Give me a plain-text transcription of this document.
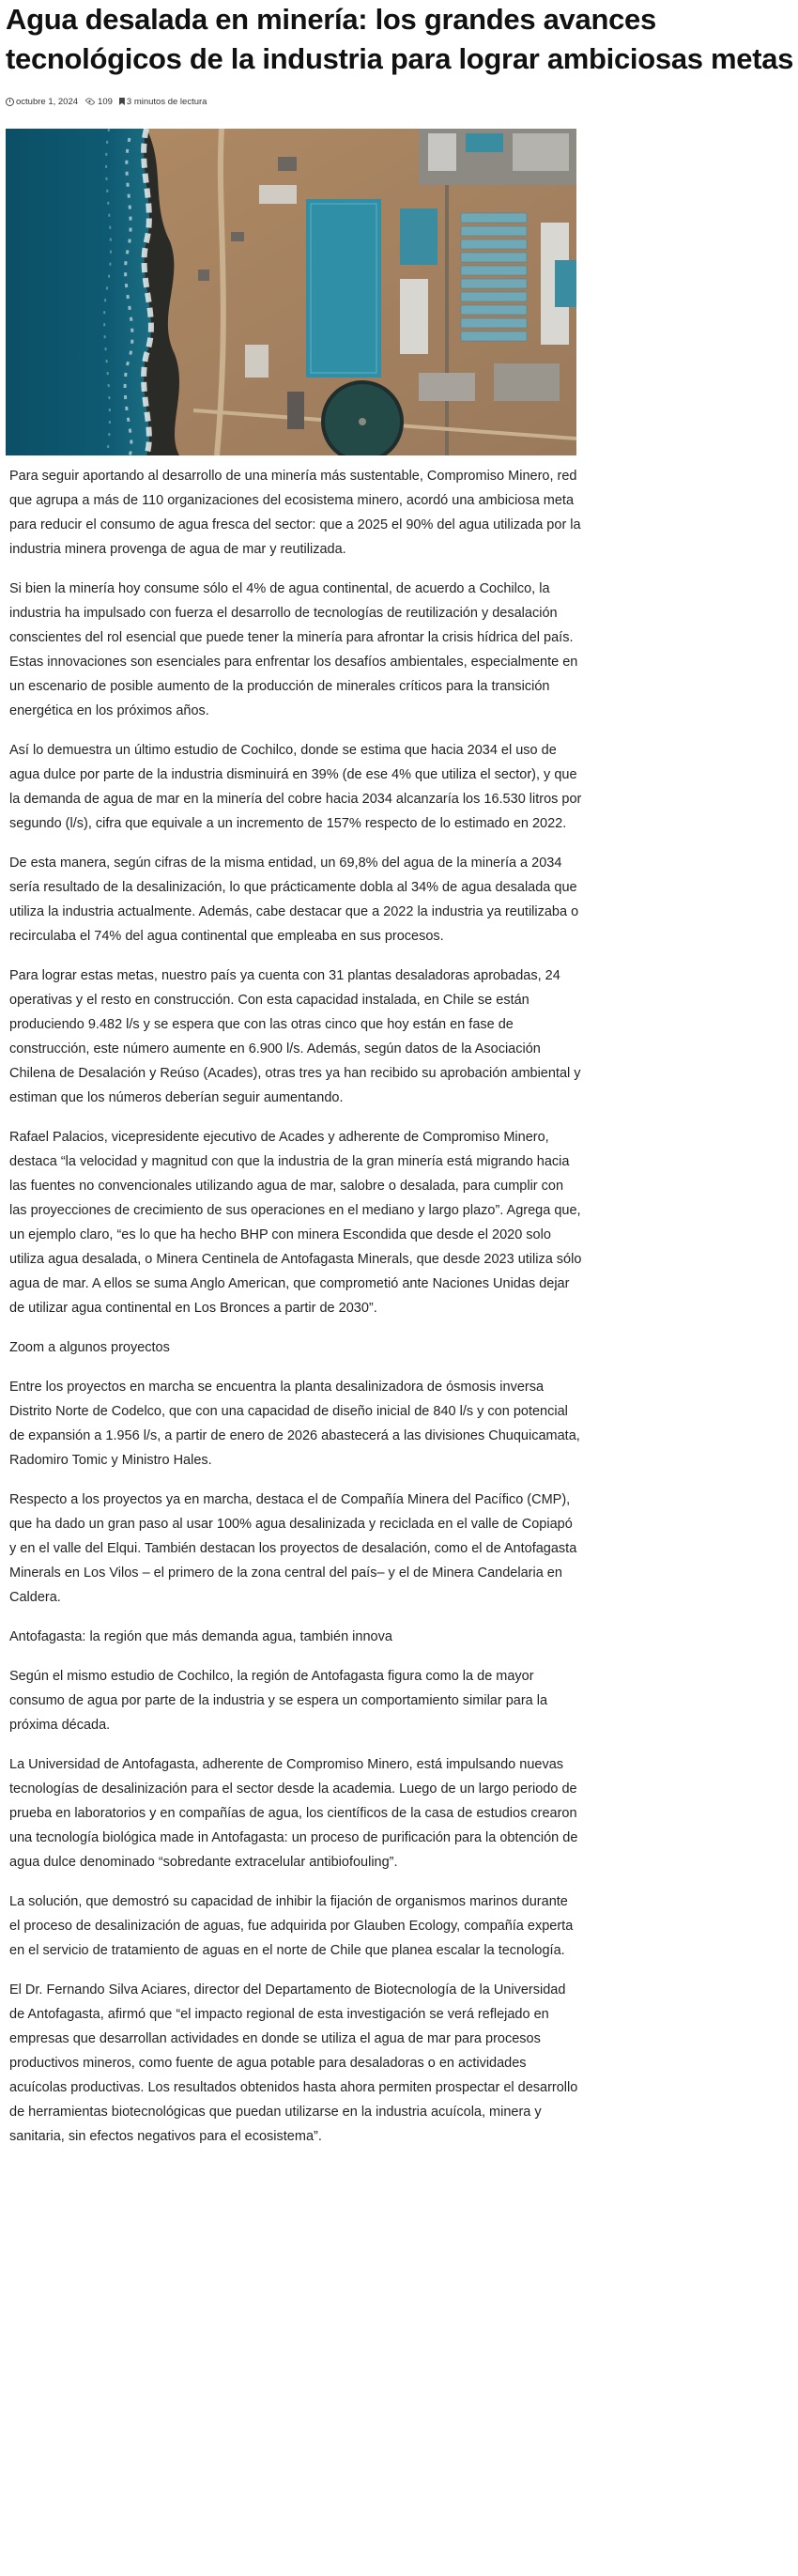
Agua desalada en minería: los grandes avances tecnológicos de la industria para lograr ambiciosas metas
octubre 1, 2024 109 3 minutos de lectura

Para seguir aportando al desarrollo de una minería más sustentable, Compromiso Minero, red que agrupa a más de 110 organizaciones del ecosistema minero, acordó una ambiciosa meta para reducir el consumo de agua fresca del sector: que a 2025 el 90% del agua utilizada por la industria minera provenga de agua de mar y reutilizada.

Si bien la minería hoy consume sólo el 4% de agua continental, de acuerdo a Cochilco, la industria ha impulsado con fuerza el desarrollo de tecnologías de reutilización y desalación conscientes del rol esencial que puede tener la minería para afrontar la crisis hídrica del país. Estas innovaciones son esenciales para enfrentar los desafíos ambientales, especialmente en un escenario de posible aumento de la producción de minerales críticos para la transición energética en los próximos años.

Así lo demuestra un último estudio de Cochilco, donde se estima que hacia 2034 el uso de agua dulce por parte de la industria disminuirá en 39% (de ese 4% que utiliza el sector), y que la demanda de agua de mar en la minería del cobre hacia 2034 alcanzaría los 16.530 litros por segundo (l/s), cifra que equivale a un incremento de 157% respecto de lo estimado en 2022.

De esta manera, según cifras de la misma entidad, un 69,8% del agua de la minería a 2034 sería resultado de la desalinización, lo que prácticamente dobla al 34% de agua desalada que utiliza la industria actualmente. Además, cabe destacar que a 2022 la industria ya reutilizaba o recirculaba el 74% del agua continental que empleaba en sus procesos.

Para lograr estas metas, nuestro país ya cuenta con 31 plantas desaladoras aprobadas, 24 operativas y el resto en construcción. Con esta capacidad instalada, en Chile se están produciendo 9.482 l/s y se espera que con las otras cinco que hoy están en fase de construcción, este número aumente en 6.900 l/s. Además, según datos de la Asociación Chilena de Desalación y Reúso (Acades), otras tres ya han recibido su aprobación ambiental y estiman que los números deberían seguir aumentando.

Rafael Palacios, vicepresidente ejecutivo de Acades y adherente de Compromiso Minero, destaca “la velocidad y magnitud con que la industria de la gran minería está migrando hacia las fuentes no convencionales utilizando agua de mar, salobre o desalada, para cumplir con las proyecciones de crecimiento de sus operaciones en el mediano y largo plazo”. Agrega que, un ejemplo claro, “es lo que ha hecho BHP con minera Escondida que desde el 2020 solo utiliza agua desalada, o Minera Centinela de Antofagasta Minerals, que desde 2023 utiliza sólo agua de mar. A ellos se suma Anglo American, que comprometió ante Naciones Unidas dejar de utilizar agua continental en Los Bronces a partir de 2030”.

Zoom a algunos proyectos

Entre los proyectos en marcha se encuentra la planta desalinizadora de ósmosis inversa Distrito Norte de Codelco, que con una capacidad de diseño inicial de 840 l/s y con potencial de expansión a 1.956 l/s, a partir de enero de 2026 abastecerá a las divisiones Chuquicamata, Radomiro Tomic y Ministro Hales.

Respecto a los proyectos ya en marcha, destaca el de Compañía Minera del Pacífico (CMP), que ha dado un gran paso al usar 100% agua desalinizada y reciclada en el valle de Copiapó y en el valle del Elqui. También destacan los proyectos de desalación, como el de Antofagasta Minerals en Los Vilos – el primero de la zona central del país– y el de Minera Candelaria en Caldera.

Antofagasta: la región que más demanda agua, también innova

Según el mismo estudio de Cochilco, la región de Antofagasta figura como la de mayor consumo de agua por parte de la industria y se espera un comportamiento similar para la próxima década.

La Universidad de Antofagasta, adherente de Compromiso Minero, está impulsando nuevas tecnologías de desalinización para el sector desde la academia. Luego de un largo periodo de prueba en laboratorios y en compañías de agua, los científicos de la casa de estudios crearon una tecnología biológica made in Antofagasta: un proceso de purificación para la obtención de agua dulce denominado “sobredante extracelular antibiofouling”.

La solución, que demostró su capacidad de inhibir la fijación de organismos marinos durante el proceso de desalinización de aguas, fue adquirida por Glauben Ecology, compañía experta en el servicio de tratamiento de aguas en el norte de Chile que planea escalar la tecnología.

El Dr. Fernando Silva Aciares, director del Departamento de Biotecnología de la Universidad de Antofagasta, afirmó que “el impacto regional de esta investigación se verá reflejado en empresas que desarrollan actividades en donde se utiliza el agua de mar para procesos productivos mineros, como fuente de agua potable para desaladoras o en actividades acuícolas productivas. Los resultados obtenidos hasta ahora permiten prospectar el desarrollo de herramientas biotecnológicas que puedan utilizarse en la industria acuícola, minera y sanitaria, sin efectos negativos para el ecosistema”.
